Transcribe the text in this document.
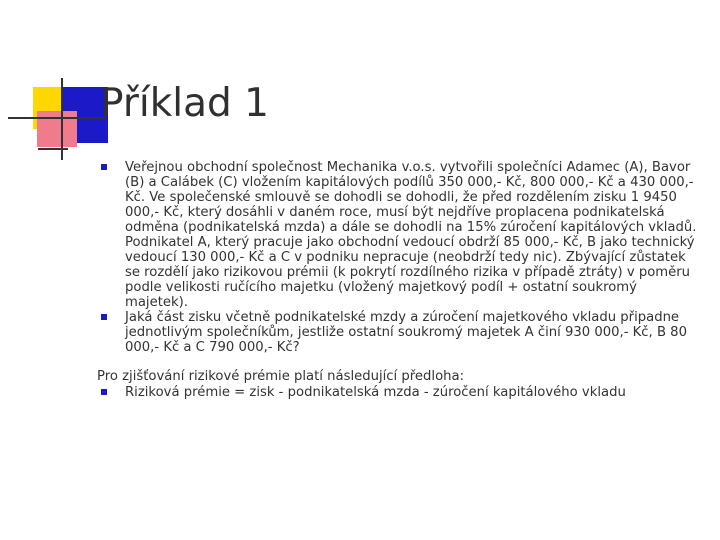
Příklad 1
Veřejnou obchodní společnost Mechanika v.o.s. vytvořili společníci Adamec (A), Bavor (B) a Calábek (C) vložením kapitálových podílů 350 000,- Kč, 800 000,- Kč a 430 000,- Kč. Ve společenské smlouvě se dohodli se dohodli, že před rozdělením zisku 1 9450 000,- Kč, který dosáhli v daném roce, musí být nejdříve proplacena podnikatelská odměna (podnikatelská mzda) a dále se dohodli na 15% zúročení kapitálových vkladů. Podnikatel A, který pracuje jako obchodní vedoucí obdrží 85 000,- Kč, B jako technický vedoucí 130 000,- Kč a C v podniku nepracuje (neobdrží tedy nic). Zbývající zůstatek se rozdělí jako rizikovou prémii (k pokrytí rozdílného rizika v případě ztráty) v poměru podle velikosti ručícího majetku (vložený majetkový podíl + ostatní soukromý majetek).
Jaká část zisku včetně podnikatelské mzdy a zúročení majetkového vkladu připadne jednotlivým společníkům, jestliže ostatní soukromý majetek A činí 930 000,- Kč, B 80 000,- Kč a C 790 000,- Kč?

Pro zjišťování rizikové prémie platí následující předloha:

Riziková prémie = zisk - podnikatelská mzda - zúročení kapitálového vkladu
